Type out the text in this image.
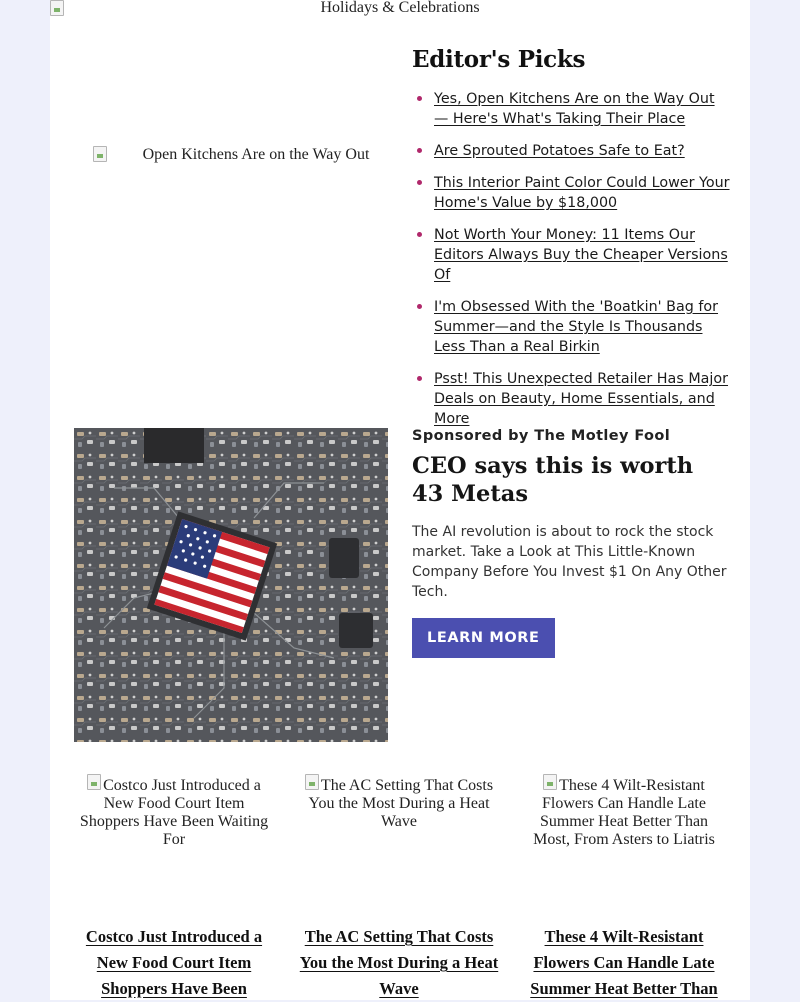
Holidays & Celebrations
Open Kitchens Are on the Way Out
Editor's Picks
Yes, Open Kitchens Are on the Way Out — Here's What's Taking Their Place
Are Sprouted Potatoes Safe to Eat?
This Interior Paint Color Could Lower Your Home's Value by $18,000
Not Worth Your Money: 11 Items Our Editors Always Buy the Cheaper Versions Of
I'm Obsessed With the 'Boatkin' Bag for Summer—and the Style Is Thousands Less Than a Real Birkin
Psst! This Unexpected Retailer Has Major Deals on Beauty, Home Essentials, and More

Sponsored by The Motley Fool

CEO says this is worth 43 Metas

The AI revolution is about to rock the stock market. Take a Look at This Little-Known Company Before You Invest $1 On Any Other Tech.

LEARN MORE
Costco Just Introduced a New Food Court Item Shoppers Have Been Waiting For
Costco Just Introduced a New Food Court Item Shoppers Have Been
The AC Setting That Costs You the Most During a Heat Wave
The AC Setting That Costs You the Most During a Heat Wave
These 4 Wilt-Resistant Flowers Can Handle Late Summer Heat Better Than Most, From Asters to Liatris
These 4 Wilt-Resistant Flowers Can Handle Late Summer Heat Better Than
